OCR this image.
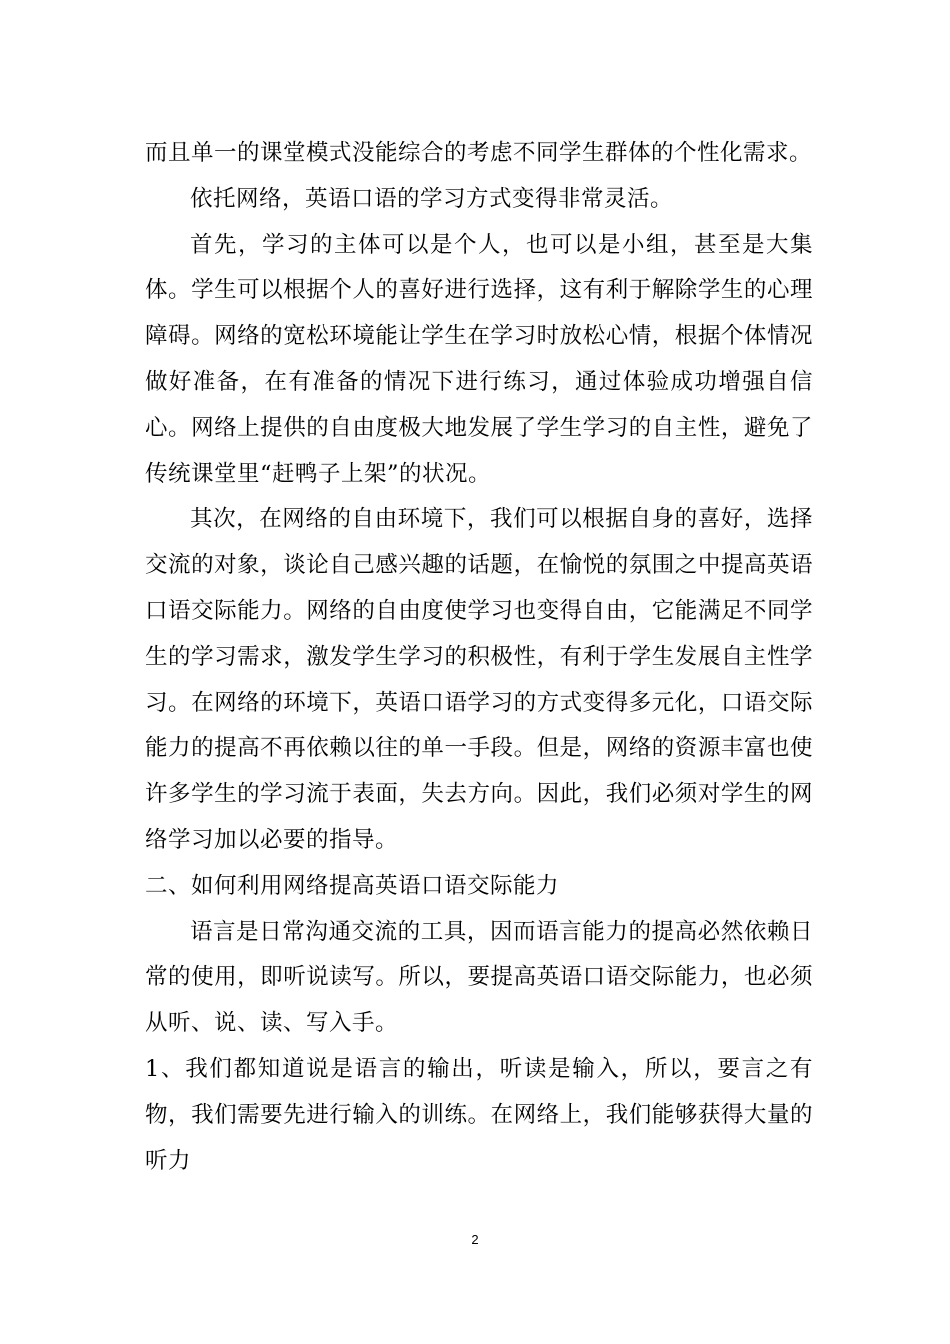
而且单一的课堂模式没能综合的考虑不同学生群体的个性化需求。

依托网络，英语口语的学习方式变得非常灵活。

首先，学习的主体可以是个人，也可以是小组，甚至是大集体。学生可以根据个人的喜好进行选择，这有利于解除学生的心理障碍。网络的宽松环境能让学生在学习时放松心情，根据个体情况做好准备，在有准备的情况下进行练习，通过体验成功增强自信心。网络上提供的自由度极大地发展了学生学习的自主性，避免了传统课堂里“赶鸭子上架”的状况。

其次，在网络的自由环境下，我们可以根据自身的喜好，选择交流的对象，谈论自己感兴趣的话题，在愉悦的氛围之中提高英语口语交际能力。网络的自由度使学习也变得自由，它能满足不同学生的学习需求，激发学生学习的积极性，有利于学生发展自主性学习。在网络的环境下，英语口语学习的方式变得多元化，口语交际能力的提高不再依赖以往的单一手段。但是，网络的资源丰富也使许多学生的学习流于表面，失去方向。因此，我们必须对学生的网络学习加以必要的指导。

二、如何利用网络提高英语口语交际能力

语言是日常沟通交流的工具，因而语言能力的提高必然依赖日常的使用，即听说读写。所以，要提高英语口语交际能力，也必须从听、说、读、写入手。

1、我们都知道说是语言的输出，听读是输入，所以，要言之有物，我们需要先进行输入的训练。在网络上，我们能够获得大量的听力

2
